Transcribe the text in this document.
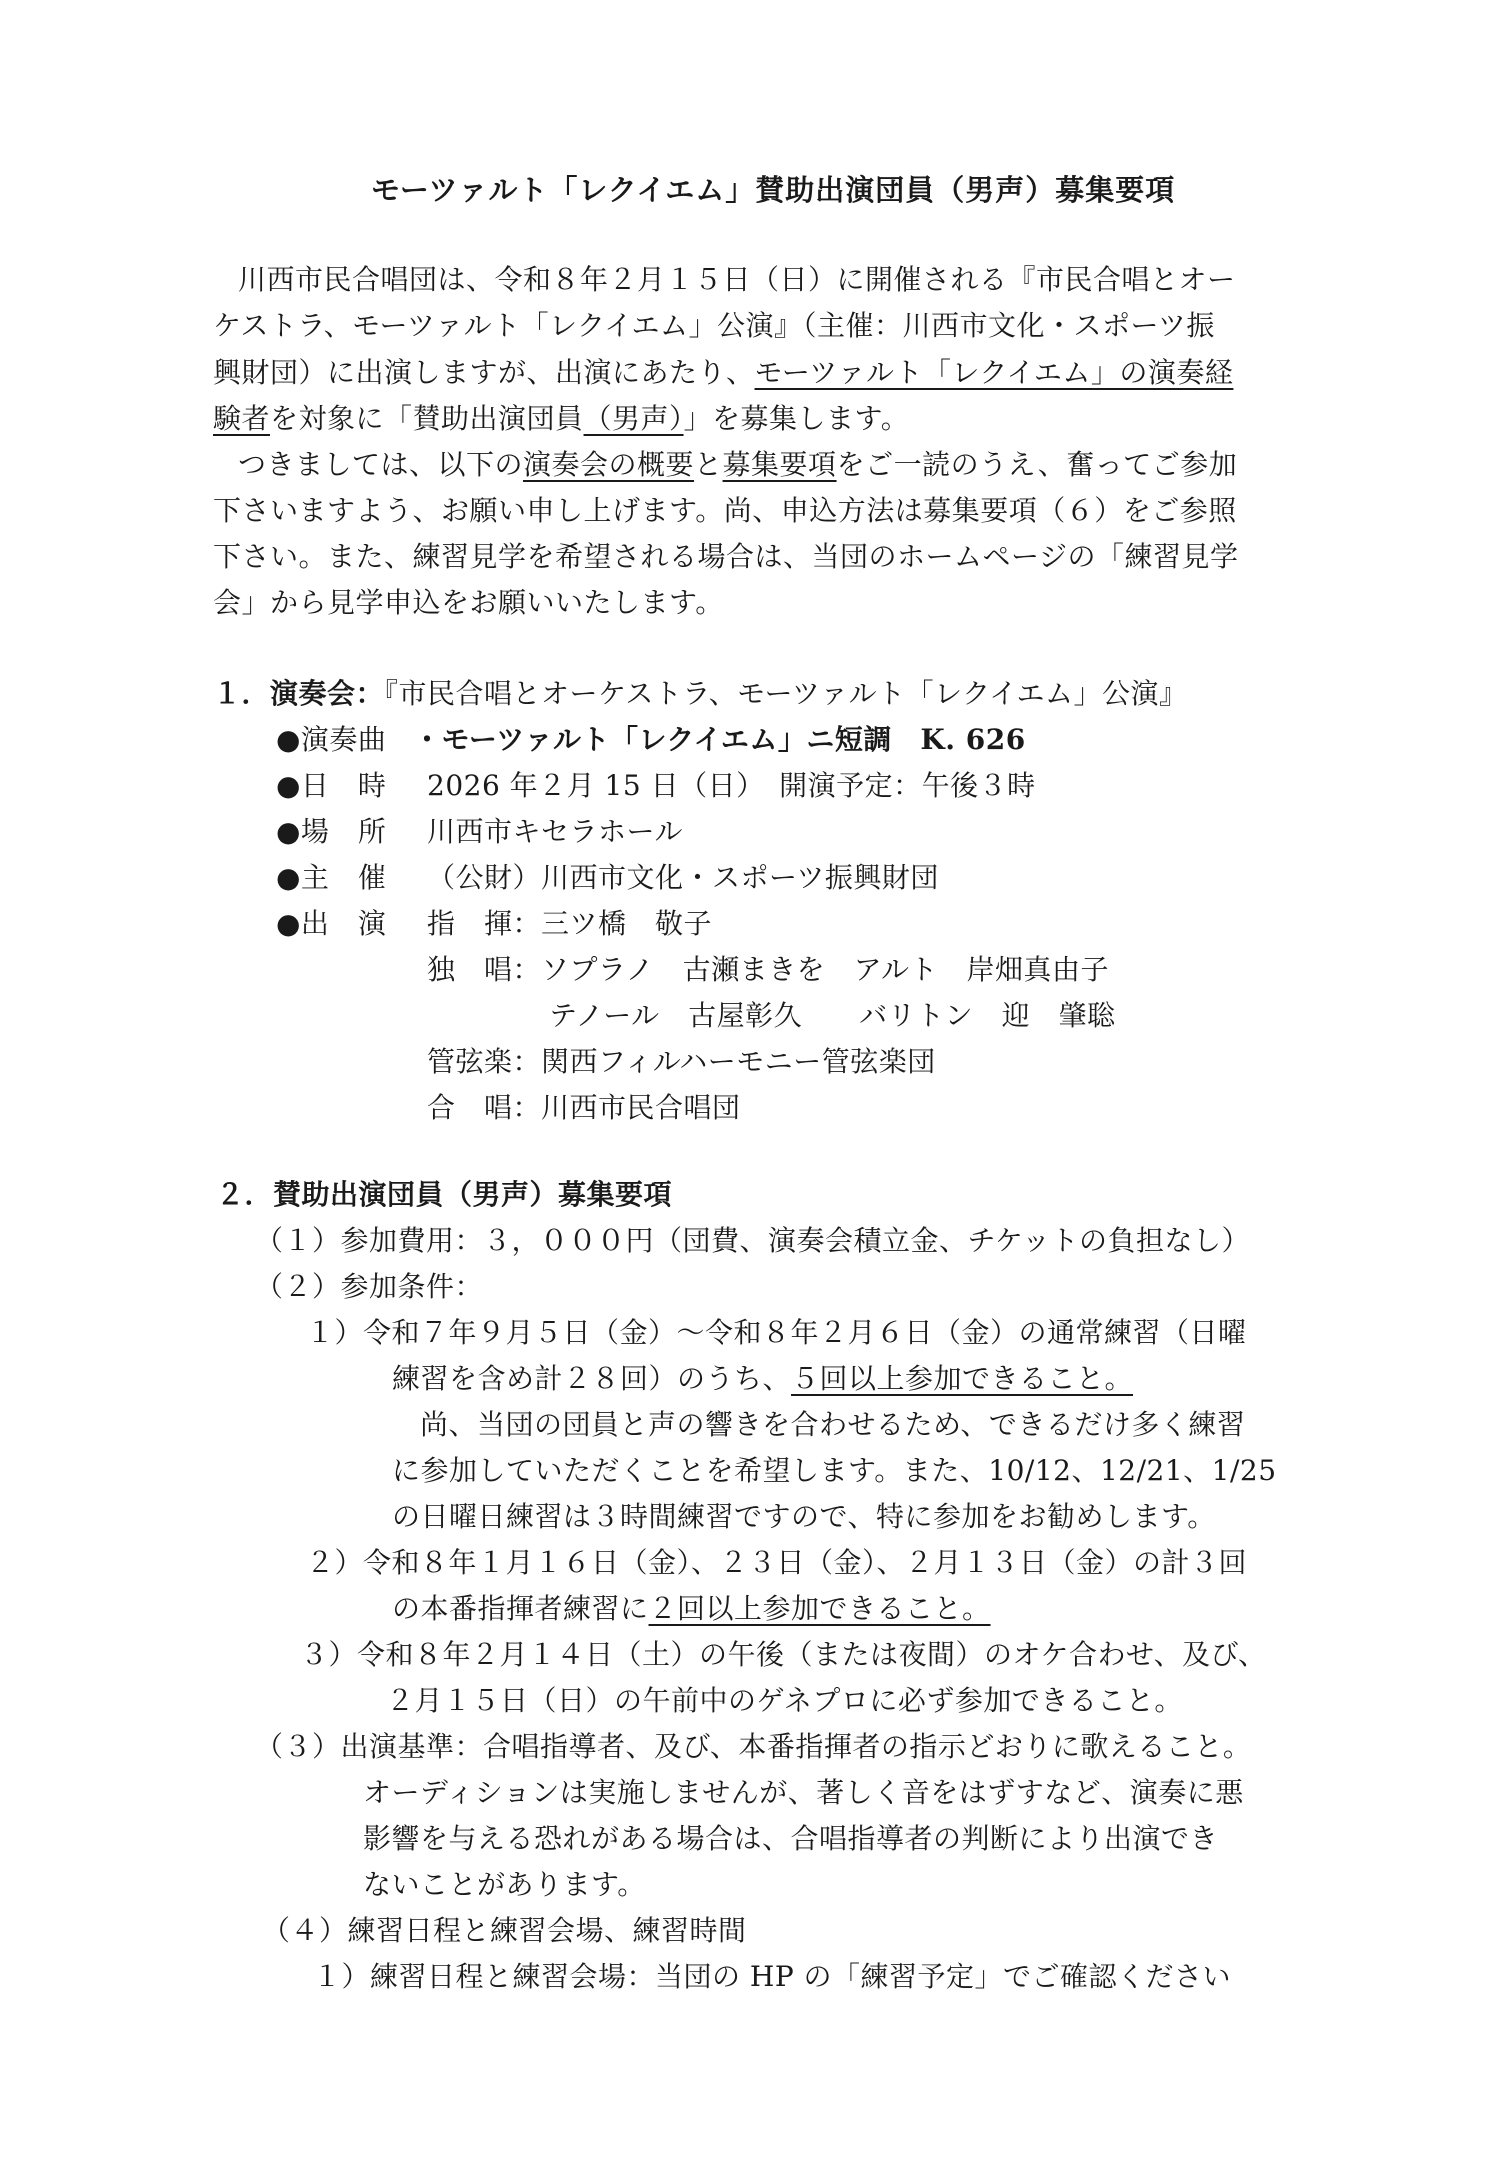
モーツァルト「レクイエム」賛助出演団員（男声）募集要項
川西市民合唱団は、令和８年２月１５日（日）に開催される『市民合唱とオー
ケストラ、モーツァルト「レクイエム」公演』（主催：川西市文化・スポーツ振
興財団）に出演しますが、出演にあたり、モーツァルト「レクイエム」の演奏経
験者を対象に「賛助出演団員（男声）」を募集します。
つきましては、以下の演奏会の概要と募集要項をご一読のうえ、奮ってご参加
下さいますよう、お願い申し上げます。尚、申込方法は募集要項（６）をご参照
下さい。また、練習見学を希望される場合は、当団のホームページの「練習見学
会」から見学申込をお願いいたします。
１．演奏会：『市民合唱とオーケストラ、モーツァルト「レクイエム」公演』
●演奏曲 ・モーツァルト「レクイエム」ニ短調　K. 626
●日　時 2026 年２月 15 日（日）　開演予定：午後３時
●場　所 川西市キセラホール
●主　催 （公財）川西市文化・スポーツ振興財団
●出　演 指　揮：三ツ橋　敬子
独　唱：ソプラノ　古瀬まきを　アルト　岸畑真由子
テノール　古屋彰久　　バリトン　迎　肇聡
管弦楽：関西フィルハーモニー管弦楽団
合　唱：川西市民合唱団
２．賛助出演団員（男声）募集要項
（１）参加費用：３，０００円（団費、演奏会積立金、チケットの負担なし）
（２）参加条件：
１）令和７年９月５日（金）～令和８年２月６日（金）の通常練習（日曜
練習を含め計２８回）のうち、５回以上参加できること。
尚、当団の団員と声の響きを合わせるため、できるだけ多く練習
に参加していただくことを希望します。また、10/12、12/21、1/25
の日曜日練習は３時間練習ですので、特に参加をお勧めします。
２）令和８年１月１６日（金）、２３日（金）、２月１３日（金）の計３回
の本番指揮者練習に２回以上参加できること。
３）令和８年２月１４日（土）の午後（または夜間）のオケ合わせ、及び、
２月１５日（日）の午前中のゲネプロに必ず参加できること。
（３）出演基準：合唱指導者、及び、本番指揮者の指示どおりに歌えること。
オーディションは実施しませんが、著しく音をはずすなど、演奏に悪
影響を与える恐れがある場合は、合唱指導者の判断により出演でき
ないことがあります。
（４）練習日程と練習会場、練習時間
１）練習日程と練習会場：当団の HP の「練習予定」でご確認ください
